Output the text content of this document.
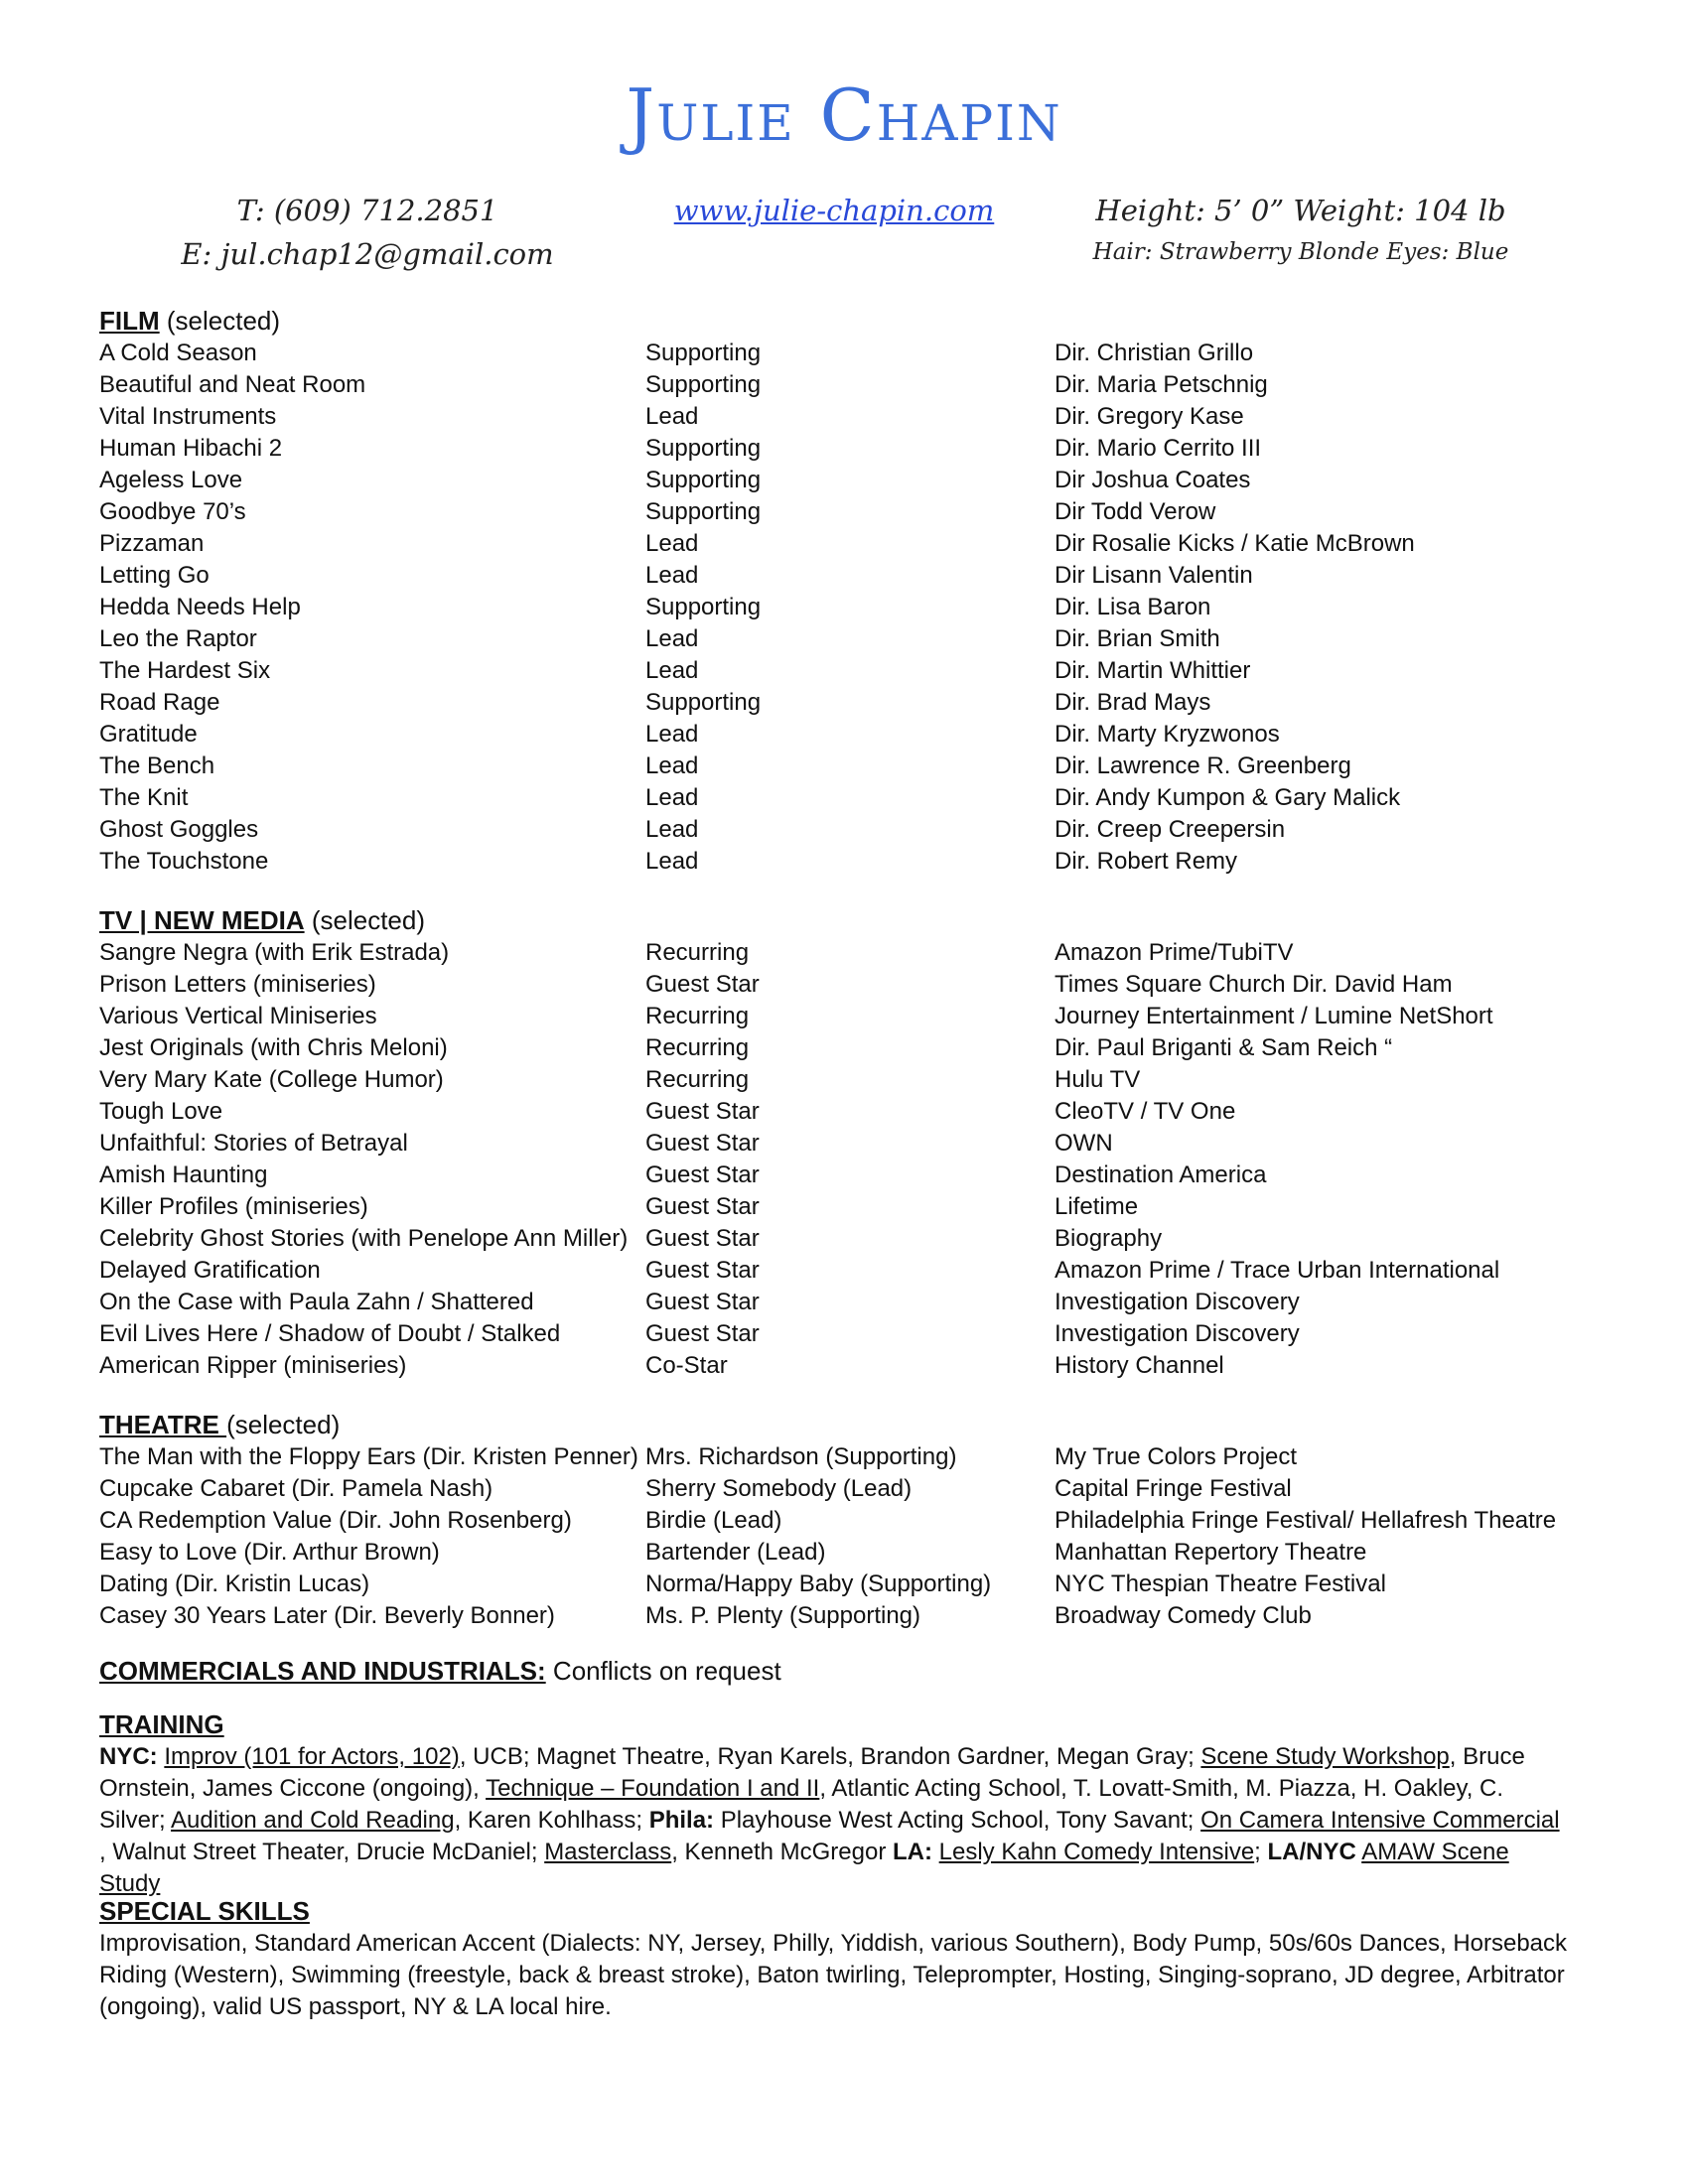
Julie Chapin
T: (609) 712.2851
E: jul.chap12@gmail.com
www.julie-chapin.com	Height: 5’ 0” Weight: 104 lb
Hair: Strawberry Blonde Eyes: Blue
FILM (selected)
A Cold Season	Supporting	Dir. Christian Grillo
Beautiful and Neat Room	Supporting	Dir. Maria Petschnig
Vital Instruments	Lead	Dir. Gregory Kase
Human Hibachi 2	Supporting	Dir. Mario Cerrito III
Ageless Love	Supporting	Dir Joshua Coates
Goodbye 70’s	Supporting	Dir Todd Verow
Pizzaman	Lead	Dir Rosalie Kicks / Katie McBrown
Letting Go	Lead	Dir Lisann Valentin
Hedda Needs Help	Supporting	Dir. Lisa Baron
Leo the Raptor	Lead	Dir. Brian Smith
The Hardest Six	Lead	Dir. Martin Whittier
Road Rage	Supporting	Dir. Brad Mays
Gratitude	Lead	Dir. Marty Kryzwonos
The Bench	Lead	Dir. Lawrence R. Greenberg
The Knit	Lead	Dir. Andy Kumpon & Gary Malick
Ghost Goggles	Lead	Dir. Creep Creepersin
The Touchstone	Lead	Dir. Robert Remy
TV | NEW MEDIA (selected)
Sangre Negra (with Erik Estrada)	Recurring	Amazon Prime/TubiTV
Prison Letters (miniseries)	Guest Star	Times Square Church Dir. David Ham
Various Vertical Miniseries	Recurring	Journey Entertainment / Lumine NetShort
Jest Originals (with Chris Meloni)	Recurring	Dir. Paul Briganti & Sam Reich “
Very Mary Kate (College Humor)	Recurring	Hulu TV
Tough Love	Guest Star	CleoTV / TV One
Unfaithful: Stories of Betrayal	Guest Star	OWN
Amish Haunting	Guest Star	Destination America
Killer Profiles (miniseries)	Guest Star	Lifetime
Celebrity Ghost Stories (with Penelope Ann Miller) Guest Star	Biography
Delayed Gratification	Guest Star	Amazon Prime / Trace Urban International
On the Case with Paula Zahn / Shattered	Guest Star	Investigation Discovery
Evil Lives Here / Shadow of Doubt / Stalked	Guest Star	Investigation Discovery
American Ripper (miniseries)	Co-Star	History Channel
THEATRE (selected)
The Man with the Floppy Ears (Dir. Kristen Penner) Mrs. Richardson (Supporting)	My True Colors Project
Cupcake Cabaret (Dir. Pamela Nash)	Sherry Somebody (Lead)	Capital Fringe Festival
CA Redemption Value (Dir. John Rosenberg)	Birdie (Lead)	Philadelphia Fringe Festival/ Hellafresh Theatre
Easy to Love (Dir. Arthur Brown)	Bartender (Lead)	Manhattan Repertory Theatre
Dating (Dir. Kristin Lucas)	Norma/Happy Baby (Supporting)	NYC Thespian Theatre Festival
Casey 30 Years Later (Dir. Beverly Bonner)	Ms. P. Plenty (Supporting)	Broadway Comedy Club
COMMERCIALS AND INDUSTRIALS: Conflicts on request
TRAINING
NYC: Improv (101 for Actors, 102), UCB; Magnet Theatre, Ryan Karels, Brandon Gardner, Megan Gray; Scene Study Workshop, Bruce Ornstein, James Ciccone (ongoing), Technique – Foundation I and II, Atlantic Acting School, T. Lovatt-Smith, M. Piazza, H. Oakley, C. Silver; Audition and Cold Reading, Karen Kohlhass; Phila: Playhouse West Acting School, Tony Savant; On Camera Intensive Commercial , Walnut Street Theater, Drucie McDaniel; Masterclass, Kenneth McGregor LA: Lesly Kahn Comedy Intensive; LA/NYC AMAW Scene Study
SPECIAL SKILLS
Improvisation, Standard American Accent (Dialects: NY, Jersey, Philly, Yiddish, various Southern), Body Pump, 50s/60s Dances, Horseback Riding (Western), Swimming (freestyle, back & breast stroke), Baton twirling, Teleprompter, Hosting, Singing-soprano, JD degree, Arbitrator (ongoing), valid US passport, NY & LA local hire.
